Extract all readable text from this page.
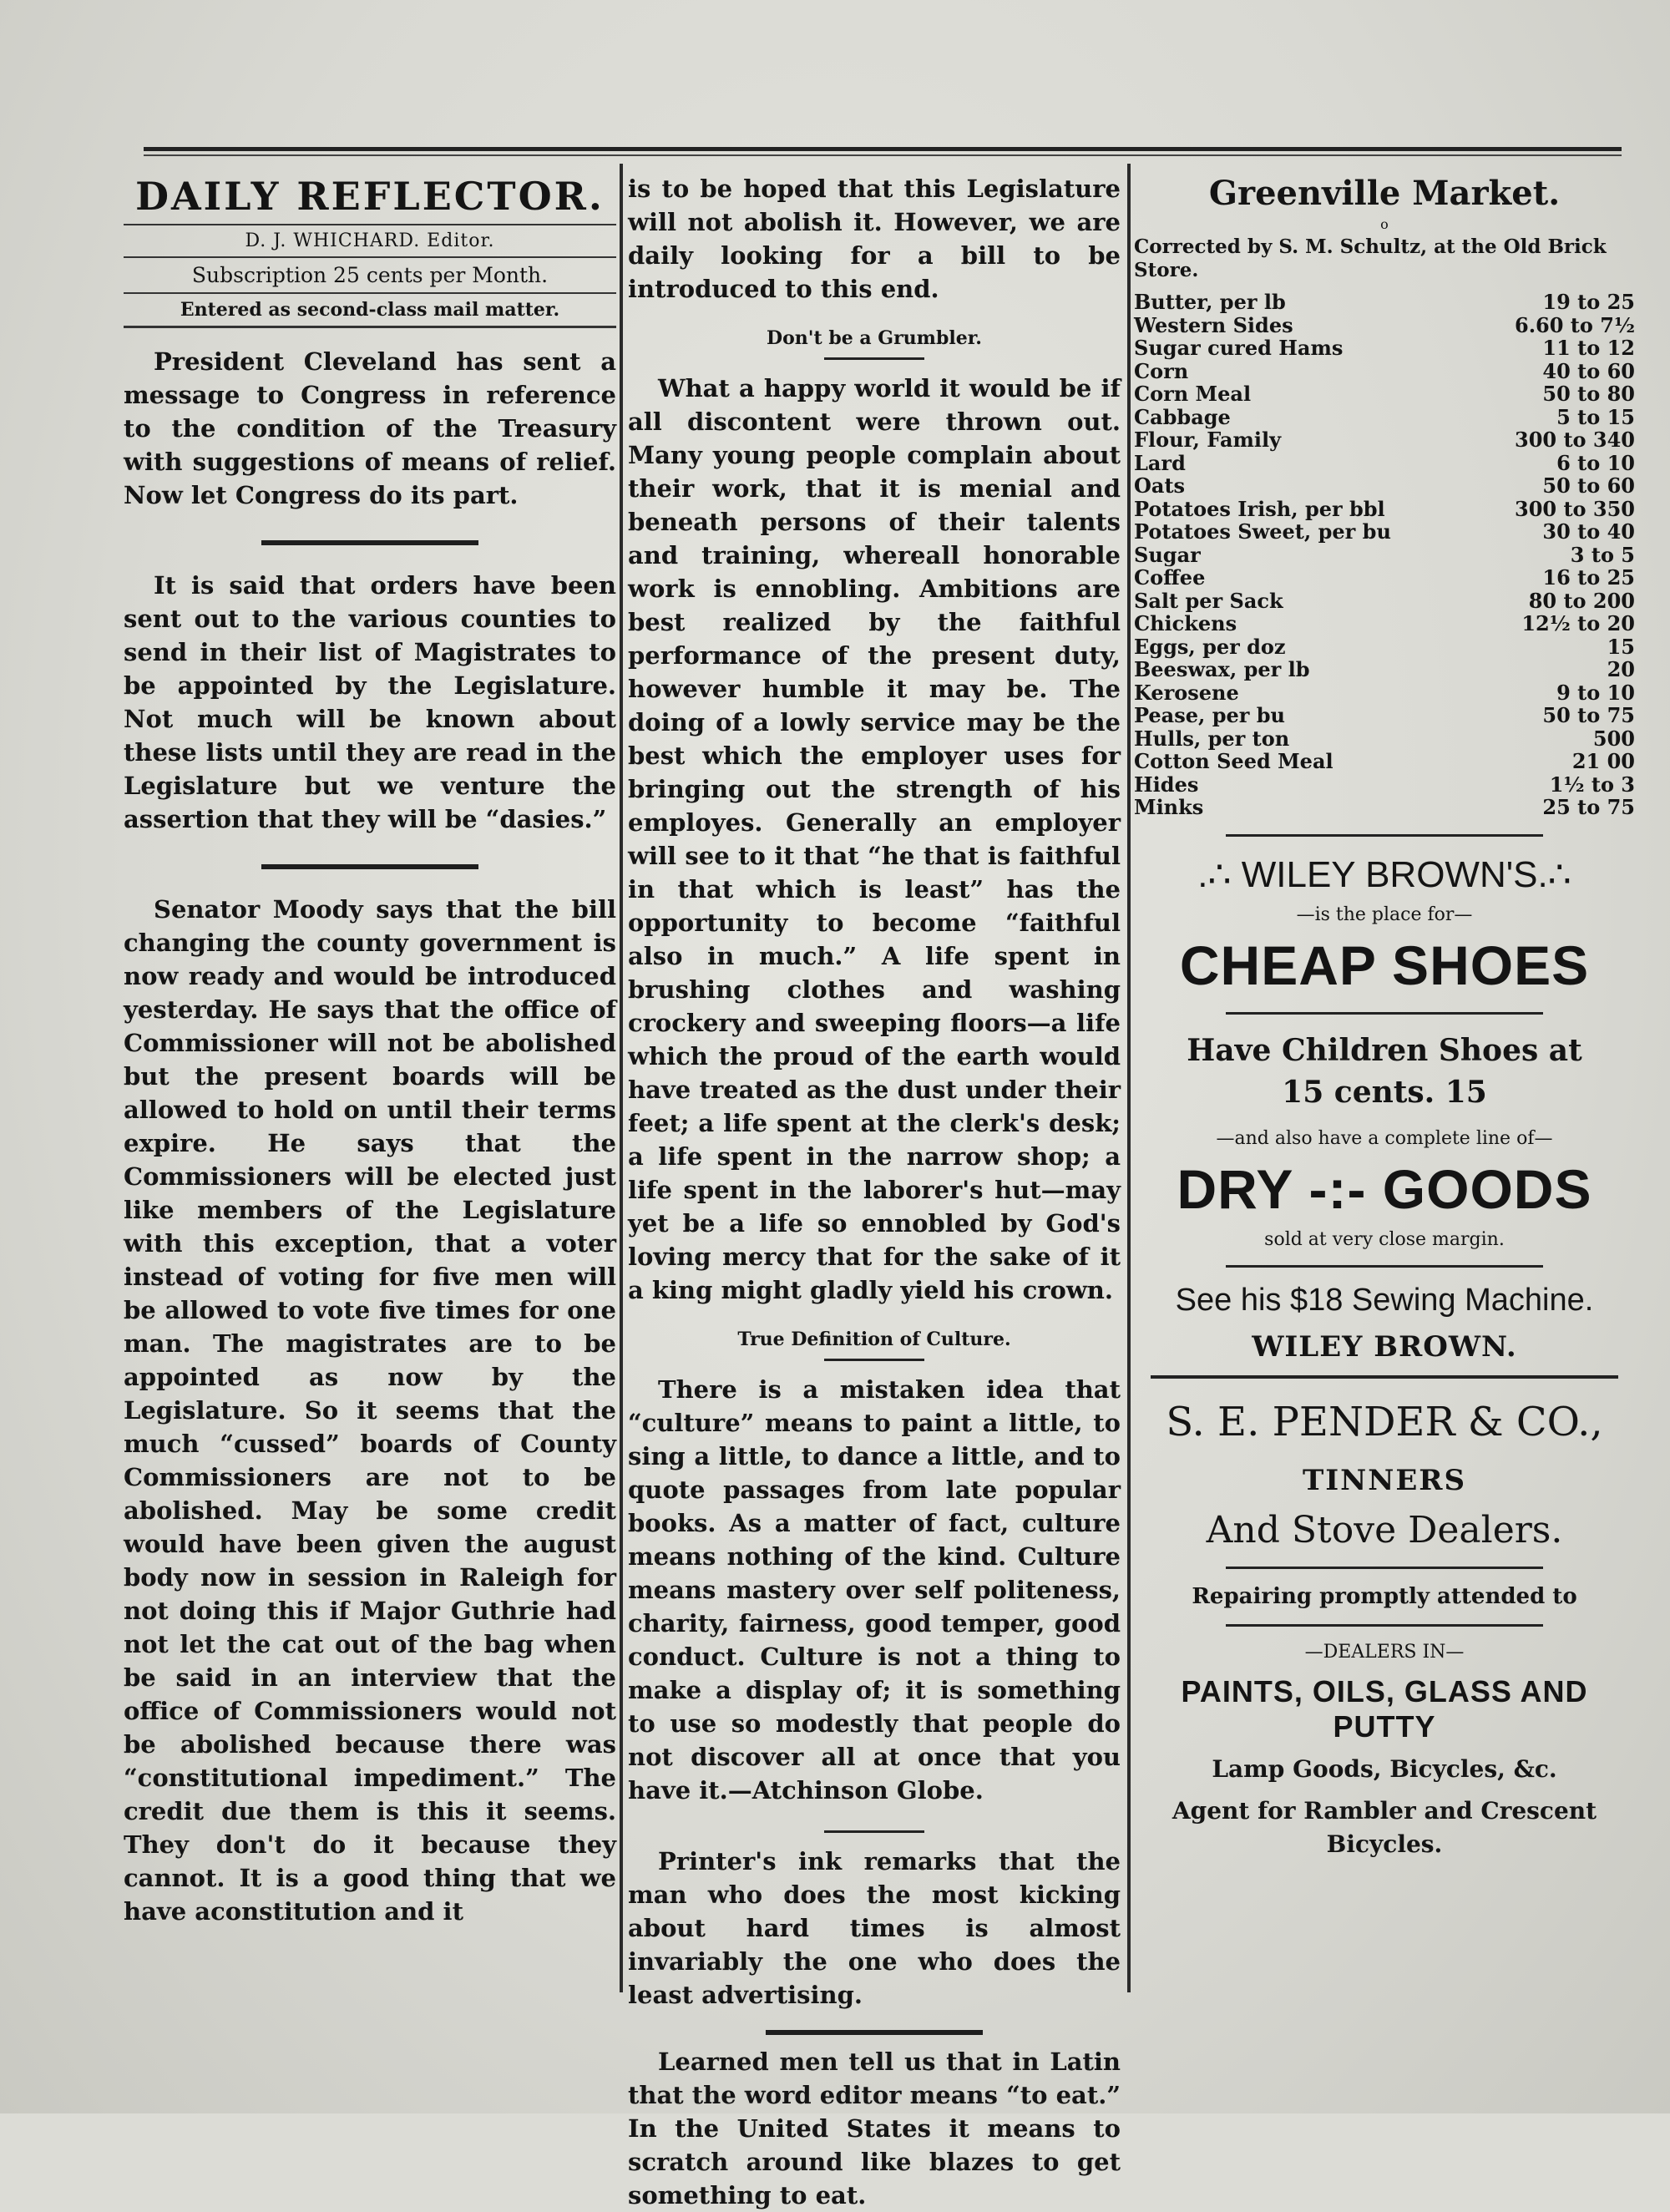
DAILY REFLECTOR.
D. J. WHICHARD. Editor.
Subscription 25 cents per Month.
Entered as second-class mail matter.

President Cleveland has sent a message to Congress in reference to the condition of the Treasury with suggestions of means of relief. Now let Congress do its part.

It is said that orders have been sent out to the various counties to send in their list of Magistrates to be appointed by the Legislature. Not much will be known about these lists until they are read in the Legislature but we venture the assertion that they will be “dasies.”

Senator Moody says that the bill changing the county government is now ready and would be introduced yesterday. He says that the office of Commissioner will not be abolished but the present boards will be allowed to hold on until their terms expire. He says that the Commissioners will be elected just like members of the Legislature with this exception, that a voter instead of voting for five men will be allowed to vote five times for one man. The magistrates are to be appointed as now by the Legislature. So it seems that the much “cussed” boards of County Commissioners are not to be abolished. May be some credit would have been given the august body now in session in Raleigh for not doing this if Major Guthrie had not let the cat out of the bag when be said in an interview that the office of Commissioners would not be abolished because there was “constitutional impediment.” The credit due them is this it seems. They don't do it because they cannot. It is a good thing that we have aconstitution and it

is to be hoped that this Legislature will not abolish it. However, we are daily looking for a bill to be introduced to this end.

Don't be a Grumbler.

What a happy world it would be if all discontent were thrown out. Many young people complain about their work, that it is menial and beneath persons of their talents and training, whereall honorable work is ennobling. Ambitions are best realized by the faithful performance of the present duty, however humble it may be. The doing of a lowly service may be the best which the employer uses for bringing out the strength of his employes. Generally an employer will see to it that “he that is faithful in that which is least” has the opportunity to become “faithful also in much.” A life spent in brushing clothes and washing crockery and sweeping floors—a life which the proud of the earth would have treated as the dust under their feet; a life spent at the clerk's desk; a life spent in the narrow shop; a life spent in the laborer's hut—may yet be a life so ennobled by God's loving mercy that for the sake of it a king might gladly yield his crown.

True Definition of Culture.

There is a mistaken idea that “culture” means to paint a little, to sing a little, to dance a little, and to quote passages from late popular books. As a matter of fact, culture means nothing of the kind. Culture means mastery over self politeness, charity, fairness, good temper, good conduct. Culture is not a thing to make a display of; it is something to use so modestly that people do not discover all at once that you have it.—Atchinson Globe.

Printer's ink remarks that the man who does the most kicking about hard times is almost invariably the one who does the least advertising.

Learned men tell us that in Latin that the word editor means “to eat.” In the United States it means to scratch around like blazes to get something to eat.

Greenville Market.
o
Corrected by S. M. Schultz, at the Old Brick Store.
Butter, per lb	19 to 25
Western Sides	6.60 to 7½
Sugar cured Hams	11 to 12
Corn	40 to 60
Corn Meal	50 to 80
Cabbage	5 to 15
Flour, Family	300 to 340
Lard	6 to 10
Oats	50 to 60
Potatoes Irish, per bbl	300 to 350
Potatoes Sweet, per bu	30 to 40
Sugar	3 to 5
Coffee	16 to 25
Salt per Sack	80 to 200
Chickens	12½ to 20
Eggs, per doz	15
Beeswax, per lb	20
Kerosene	9 to 10
Pease, per bu	50 to 75
Hulls, per ton	500
Cotton Seed Meal	21 00
Hides	1½ to 3
Minks	25 to 75
.∴ WILEY BROWN'S.∴
—is the place for—
CHEAP SHOES
Have Children Shoes at
15 cents. 15
—and also have a complete line of—
DRY -:- GOODS
sold at very close margin.
See his $18 Sewing Machine.
WILEY BROWN.
S. E. PENDER & CO.,
TINNERS
And Stove Dealers.
Repairing promptly attended to
—DEALERS IN—
PAINTS, OILS, GLASS AND PUTTY
Lamp Goods, Bicycles, &c.
Agent for Rambler and Crescent Bicycles.
